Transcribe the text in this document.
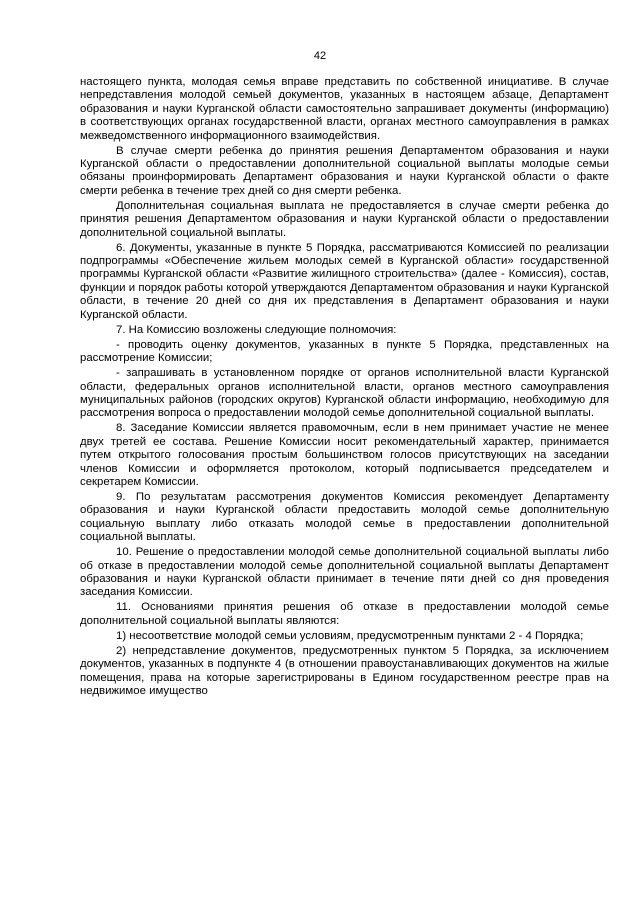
42

настоящего пункта, молодая семья вправе представить по собственной инициативе. В случае непредставления молодой семьей документов, указанных в настоящем абзаце, Департамент образования и науки Курганской области самостоятельно запрашивает документы (информацию) в соответствующих органах государственной власти, органах местного самоуправления в рамках межведомственного информационного взаимодействия.

В случае смерти ребенка до принятия решения Департаментом образования и науки Курганской области о предоставлении дополнительной социальной выплаты молодые семьи обязаны проинформировать Департамент образования и науки Курганской области о факте смерти ребенка в течение трех дней со дня смерти ребенка.

Дополнительная социальная выплата не предоставляется в случае смерти ребенка до принятия решения Департаментом образования и науки Курганской области о предоставлении дополнительной социальной выплаты.

6. Документы, указанные в пункте 5 Порядка, рассматриваются Комиссией по реализации подпрограммы «Обеспечение жильем молодых семей в Курганской области» государственной программы Курганской области «Развитие жилищного строительства» (далее - Комиссия), состав, функции и порядок работы которой утверждаются Департаментом образования и науки Курганской области, в течение 20 дней со дня их представления в Департамент образования и науки Курганской области.

7. На Комиссию возложены следующие полномочия:

- проводить оценку документов, указанных в пункте 5 Порядка, представленных на рассмотрение Комиссии;

- запрашивать в установленном порядке от органов исполнительной власти Курганской области, федеральных органов исполнительной власти, органов местного самоуправления муниципальных районов (городских округов) Курганской области информацию, необходимую для рассмотрения вопроса о предоставлении молодой семье дополнительной социальной выплаты.

8. Заседание Комиссии является правомочным, если в нем принимает участие не менее двух третей ее состава. Решение Комиссии носит рекомендательный характер, принимается путем открытого голосования простым большинством голосов присутствующих на заседании членов Комиссии и оформляется протоколом, который подписывается председателем и секретарем Комиссии.

9. По результатам рассмотрения документов Комиссия рекомендует Департаменту образования и науки Курганской области предоставить молодой семье дополнительную социальную выплату либо отказать молодой семье в предоставлении дополнительной социальной выплаты.

10. Решение о предоставлении молодой семье дополнительной социальной выплаты либо об отказе в предоставлении молодой семье дополнительной социальной выплаты Департамент образования и науки Курганской области принимает в течение пяти дней со дня проведения заседания Комиссии.

11. Основаниями принятия решения об отказе в предоставлении молодой семье дополнительной социальной выплаты являются:

1) несоответствие молодой семьи условиям, предусмотренным пунктами 2 - 4 Порядка;

2) непредставление документов, предусмотренных пунктом 5 Порядка, за исключением документов, указанных в подпункте 4 (в отношении правоустанавливающих документов на жилые помещения, права на которые зарегистрированы в Едином государственном реестре прав на недвижимое имущество
